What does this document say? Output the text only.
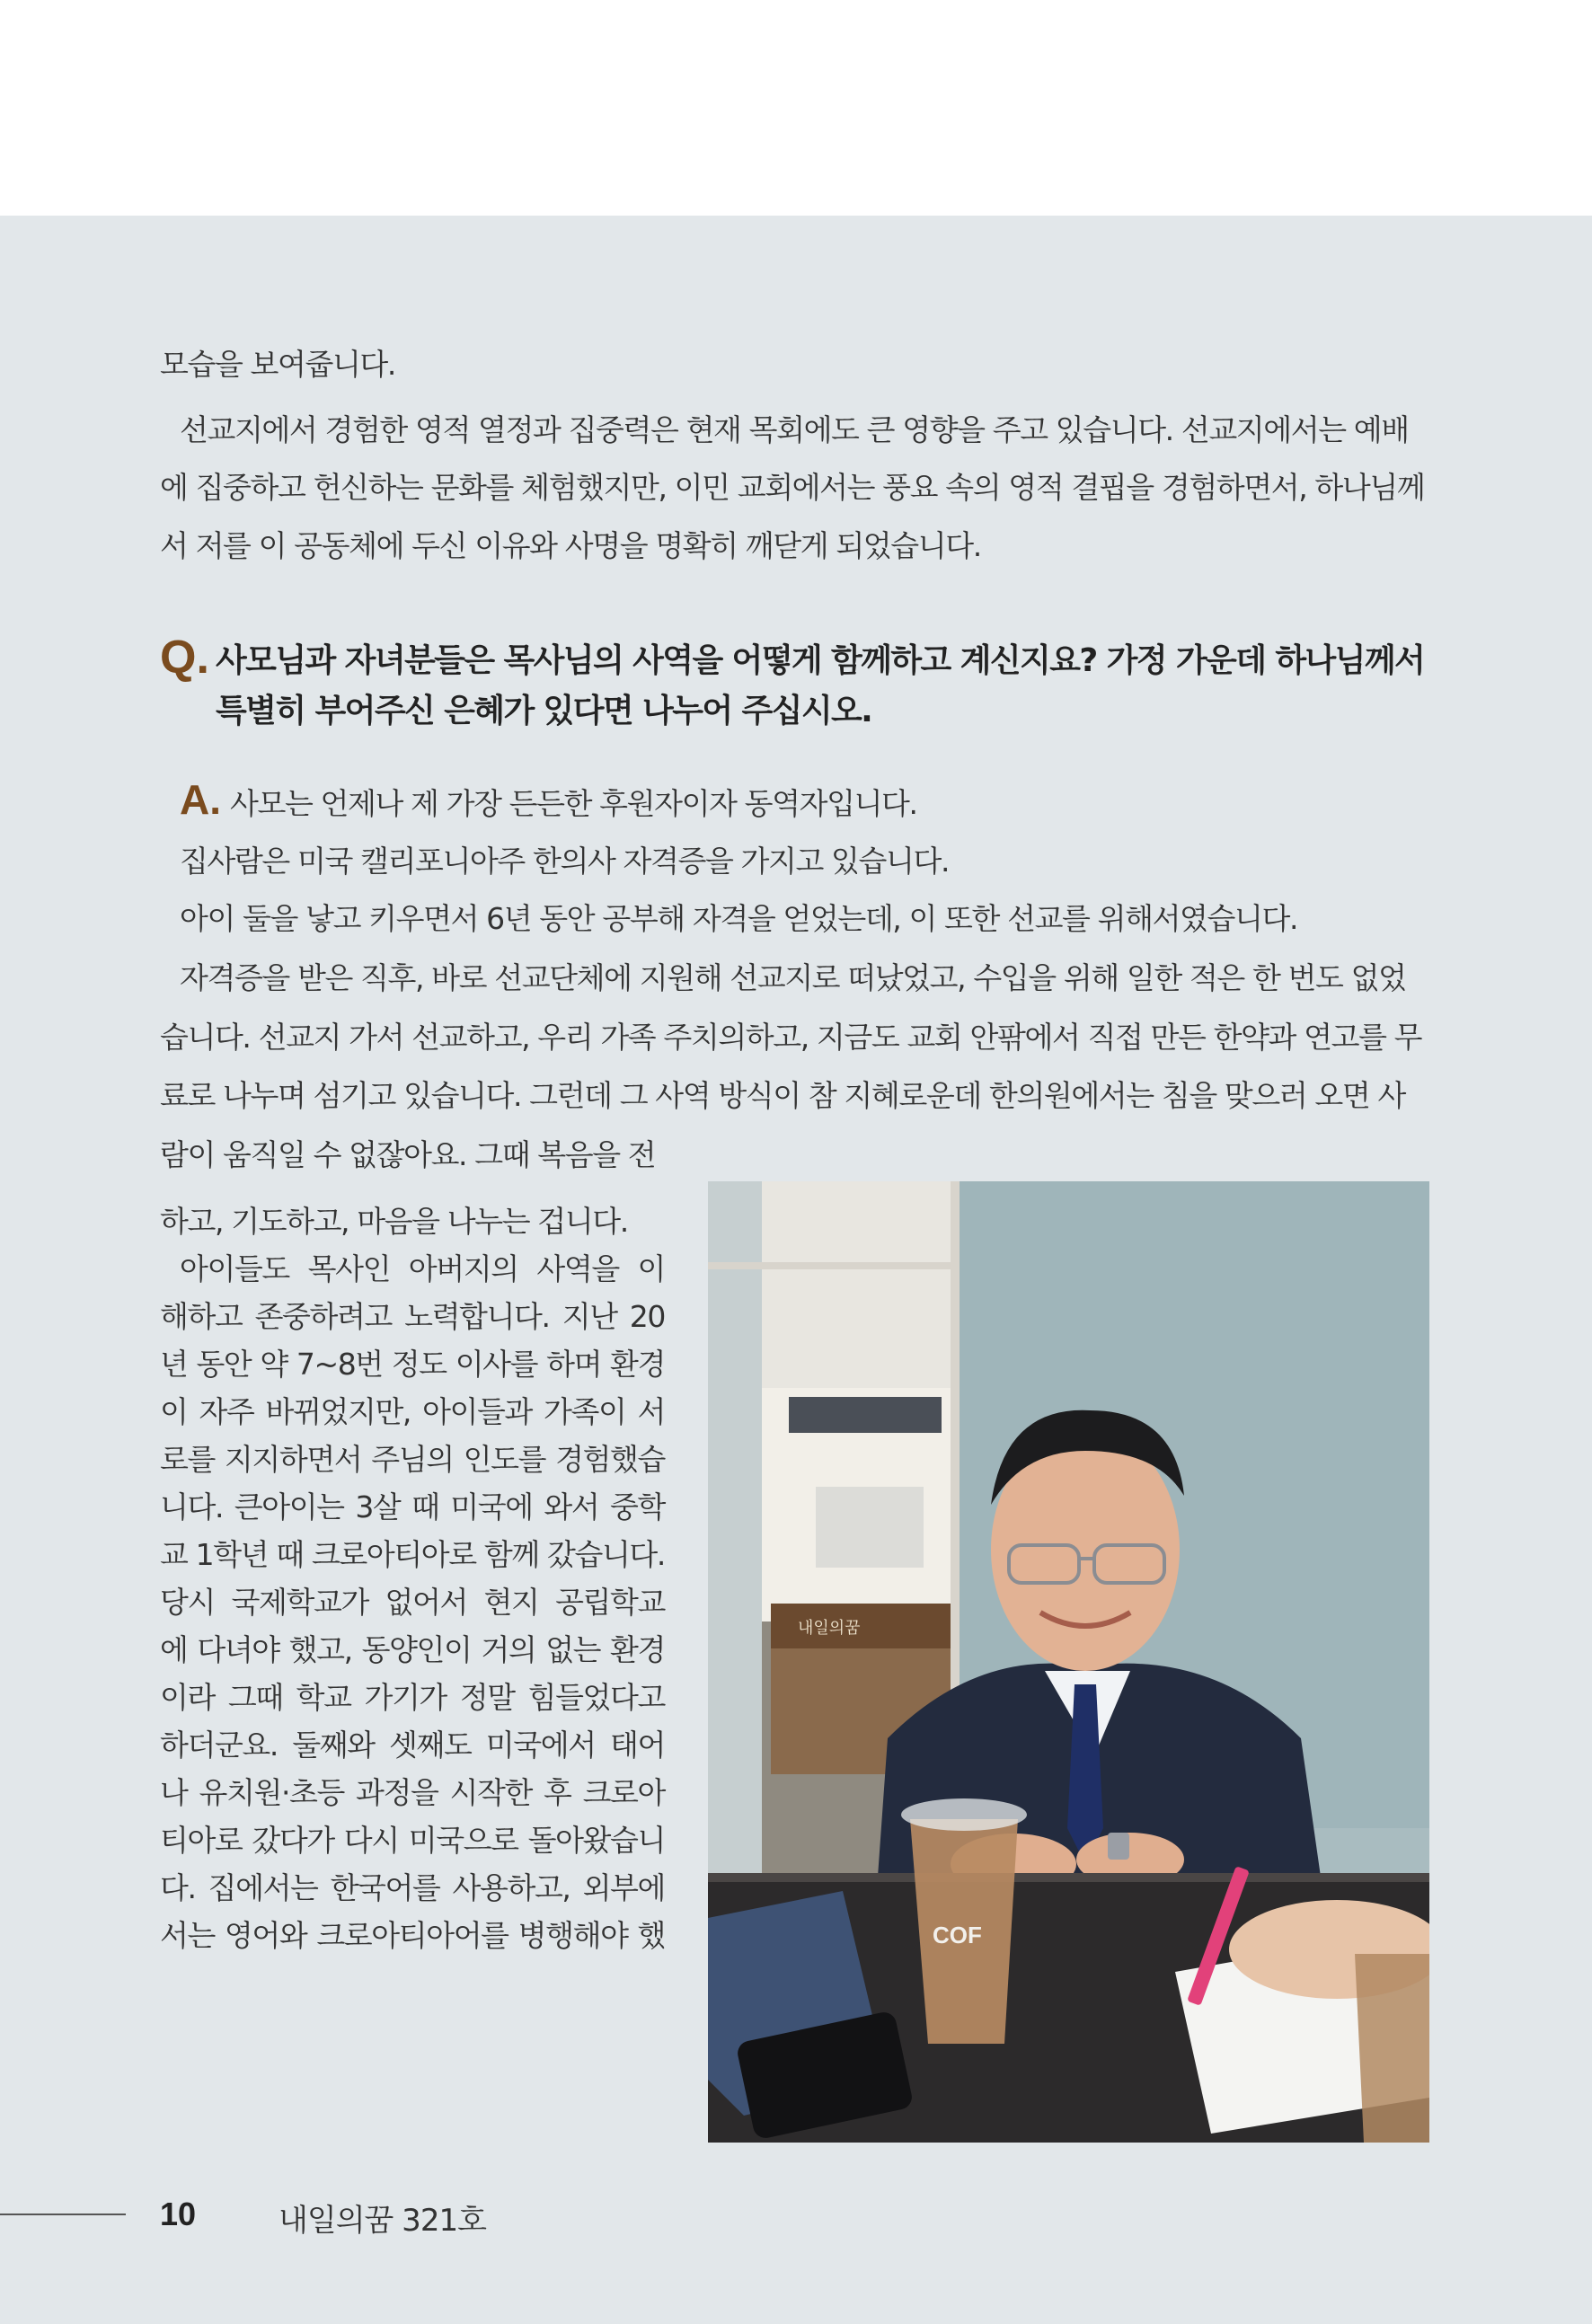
모습을 보여줍니다.

선교지에서 경험한 영적 열정과 집중력은 현재 목회에도 큰 영향을 주고 있습니다. 선교지에서는 예배

에 집중하고 헌신하는 문화를 체험했지만, 이민 교회에서는 풍요 속의 영적 결핍을 경험하면서, 하나님께

서 저를 이 공동체에 두신 이유와 사명을 명확히 깨닫게 되었습니다.

Q. 사모님과 자녀분들은 목사님의 사역을 어떻게 함께하고 계신지요? 가정 가운데 하나님께서
특별히 부어주신 은혜가 있다면 나누어 주십시오.

A. 사모는 언제나 제 가장 든든한 후원자이자 동역자입니다.

집사람은 미국 캘리포니아주 한의사 자격증을 가지고 있습니다.

아이 둘을 낳고 키우면서 6년 동안 공부해 자격을 얻었는데, 이 또한 선교를 위해서였습니다.

자격증을 받은 직후, 바로 선교단체에 지원해 선교지로 떠났었고, 수입을 위해 일한 적은 한 번도 없었

습니다. 선교지 가서 선교하고, 우리 가족 주치의하고, 지금도 교회 안팎에서 직접 만든 한약과 연고를 무

료로 나누며 섬기고 있습니다. 그런데 그 사역 방식이 참 지혜로운데 한의원에서는 침을 맞으러 오면 사

람이 움직일 수 없잖아요. 그때 복음을 전

하고, 기도하고, 마음을 나누는 겁니다.
아이들도 목사인 아버지의 사역을 이
해하고 존중하려고 노력합니다. 지난 20
년 동안 약 7~8번 정도 이사를 하며 환경
이 자주 바뀌었지만, 아이들과 가족이 서
로를 지지하면서 주님의 인도를 경험했습
니다. 큰아이는 3살 때 미국에 와서 중학
교 1학년 때 크로아티아로 함께 갔습니다.
당시 국제학교가 없어서 현지 공립학교
에 다녀야 했고, 동양인이 거의 없는 환경
이라 그때 학교 가기가 정말 힘들었다고
하더군요. 둘째와 셋째도 미국에서 태어
나 유치원·초등 과정을 시작한 후 크로아
티아로 갔다가 다시 미국으로 돌아왔습니
다. 집에서는 한국어를 사용하고, 외부에
서는 영어와 크로아티아어를 병행해야 했
내일의꿈
COF
10	내일의꿈 321호
